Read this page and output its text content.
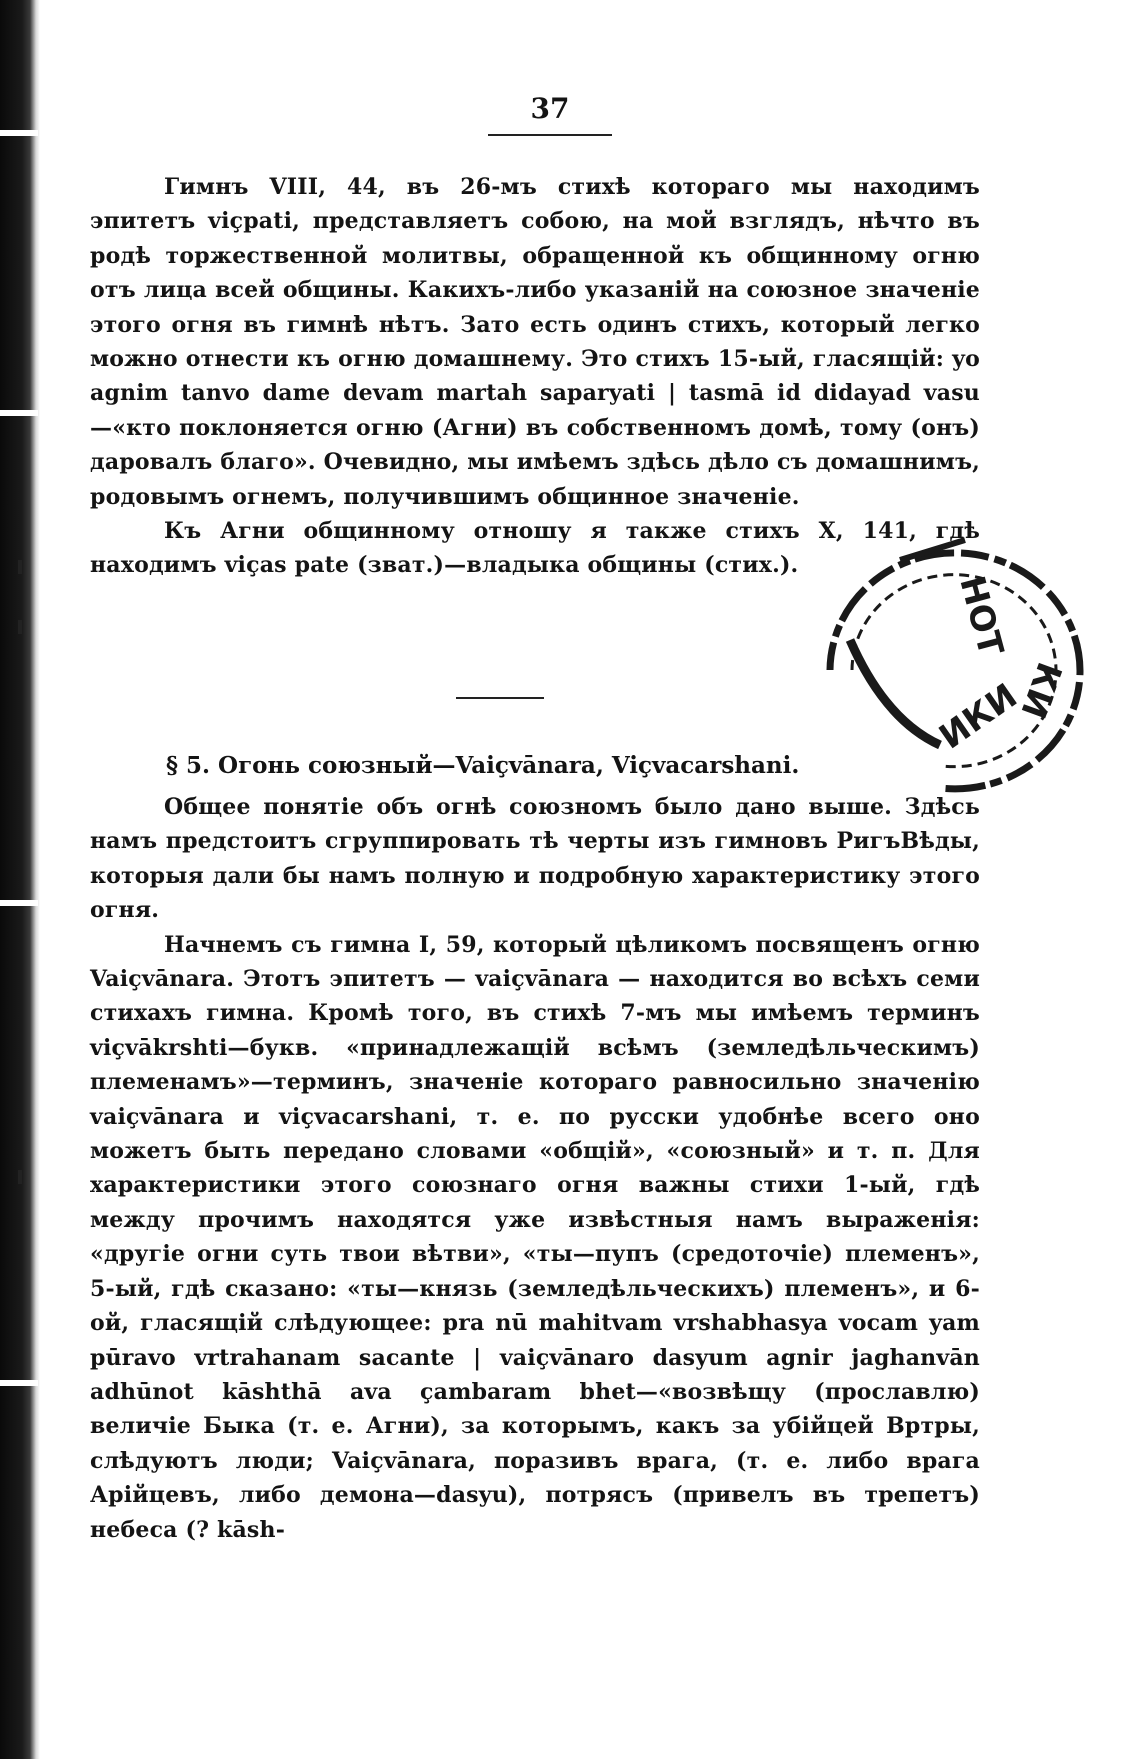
37

Гимнъ VIII, 44, въ 26-мъ стихѣ котораго мы находимъ эпитетъ viçpati, представляетъ собою, на мой взглядъ, нѣчто въ родѣ торжественной молитвы, обращенной къ общинному огню отъ лица всей общины. Какихъ-либо указаній на союзное значеніе этого огня въ гимнѣ нѣтъ. Зато есть одинъ стихъ, который легко можно отнести къ огню домашнему. Это стихъ 15-ый, гласящій: yo agnim tanvo dame devam martah saparyati | tasmā id didayad vasu—«кто поклоняется огню (Агни) въ собственномъ домѣ, тому (онъ) даровалъ благо». Очевидно, мы имѣемъ здѣсь дѣло съ домашнимъ, родовымъ огнемъ, получившимъ общинное значеніе.

Къ Агни общинному отношу я также стихъ X, 141, гдѣ находимъ viças pate (зват.)—владыка общины (стих.).

§ 5. Огонь союзный—Vaiçvānara, Viçvacarshani.

Общее понятіе объ огнѣ союзномъ было дано выше. Здѣсь намъ предстоитъ сгруппировать тѣ черты изъ гимновъ РигъВѣды, которыя дали бы намъ полную и подробную характеристику этого огня.

Начнемъ съ гимна I, 59, который цѣликомъ посвященъ огню Vaiçvānara. Этотъ эпитетъ — vaiçvānara — находится во всѣхъ семи стихахъ гимна. Кромѣ того, въ стихѣ 7-мъ мы имѣемъ терминъ viçvākrshti—букв. «принадлежащій всѣмъ (земледѣльческимъ) племенамъ»—терминъ, значеніе котораго равносильно значенію vaiçvānara и viçvacarshani, т. е. по русски удобнѣе всего оно можетъ быть передано словами «общій», «союзный» и т. п. Для характеристики этого союзнаго огня важны стихи 1-ый, гдѣ между прочимъ находятся уже извѣстныя намъ выраженія: «другіе огни суть твои вѣтви», «ты—пупъ (средоточіе) племенъ», 5-ый, гдѣ сказано: «ты—князь (земледѣльческихъ) племенъ», и 6-ой, гласящій слѣдующее: pra nū mahitvam vrshabhasya vocam yam pūravo vrtrahanam sacante | vaiçvānaro dasyum agnir jaghanvān adhūnot kāshthā ava çambaram bhet—«возвѣщу (прославлю) величіе Быка (т. е. Агни), за которымъ, какъ за убійцей Вртры, слѣдуютъ люди; Vaiçvānara, поразивъ врага, (т. е. либо врага Арійцевъ, либо демона—dasyu), потрясъ (привелъ въ трепетъ) небеса (? kāsh-

НОТ
КИ
ИКИ
